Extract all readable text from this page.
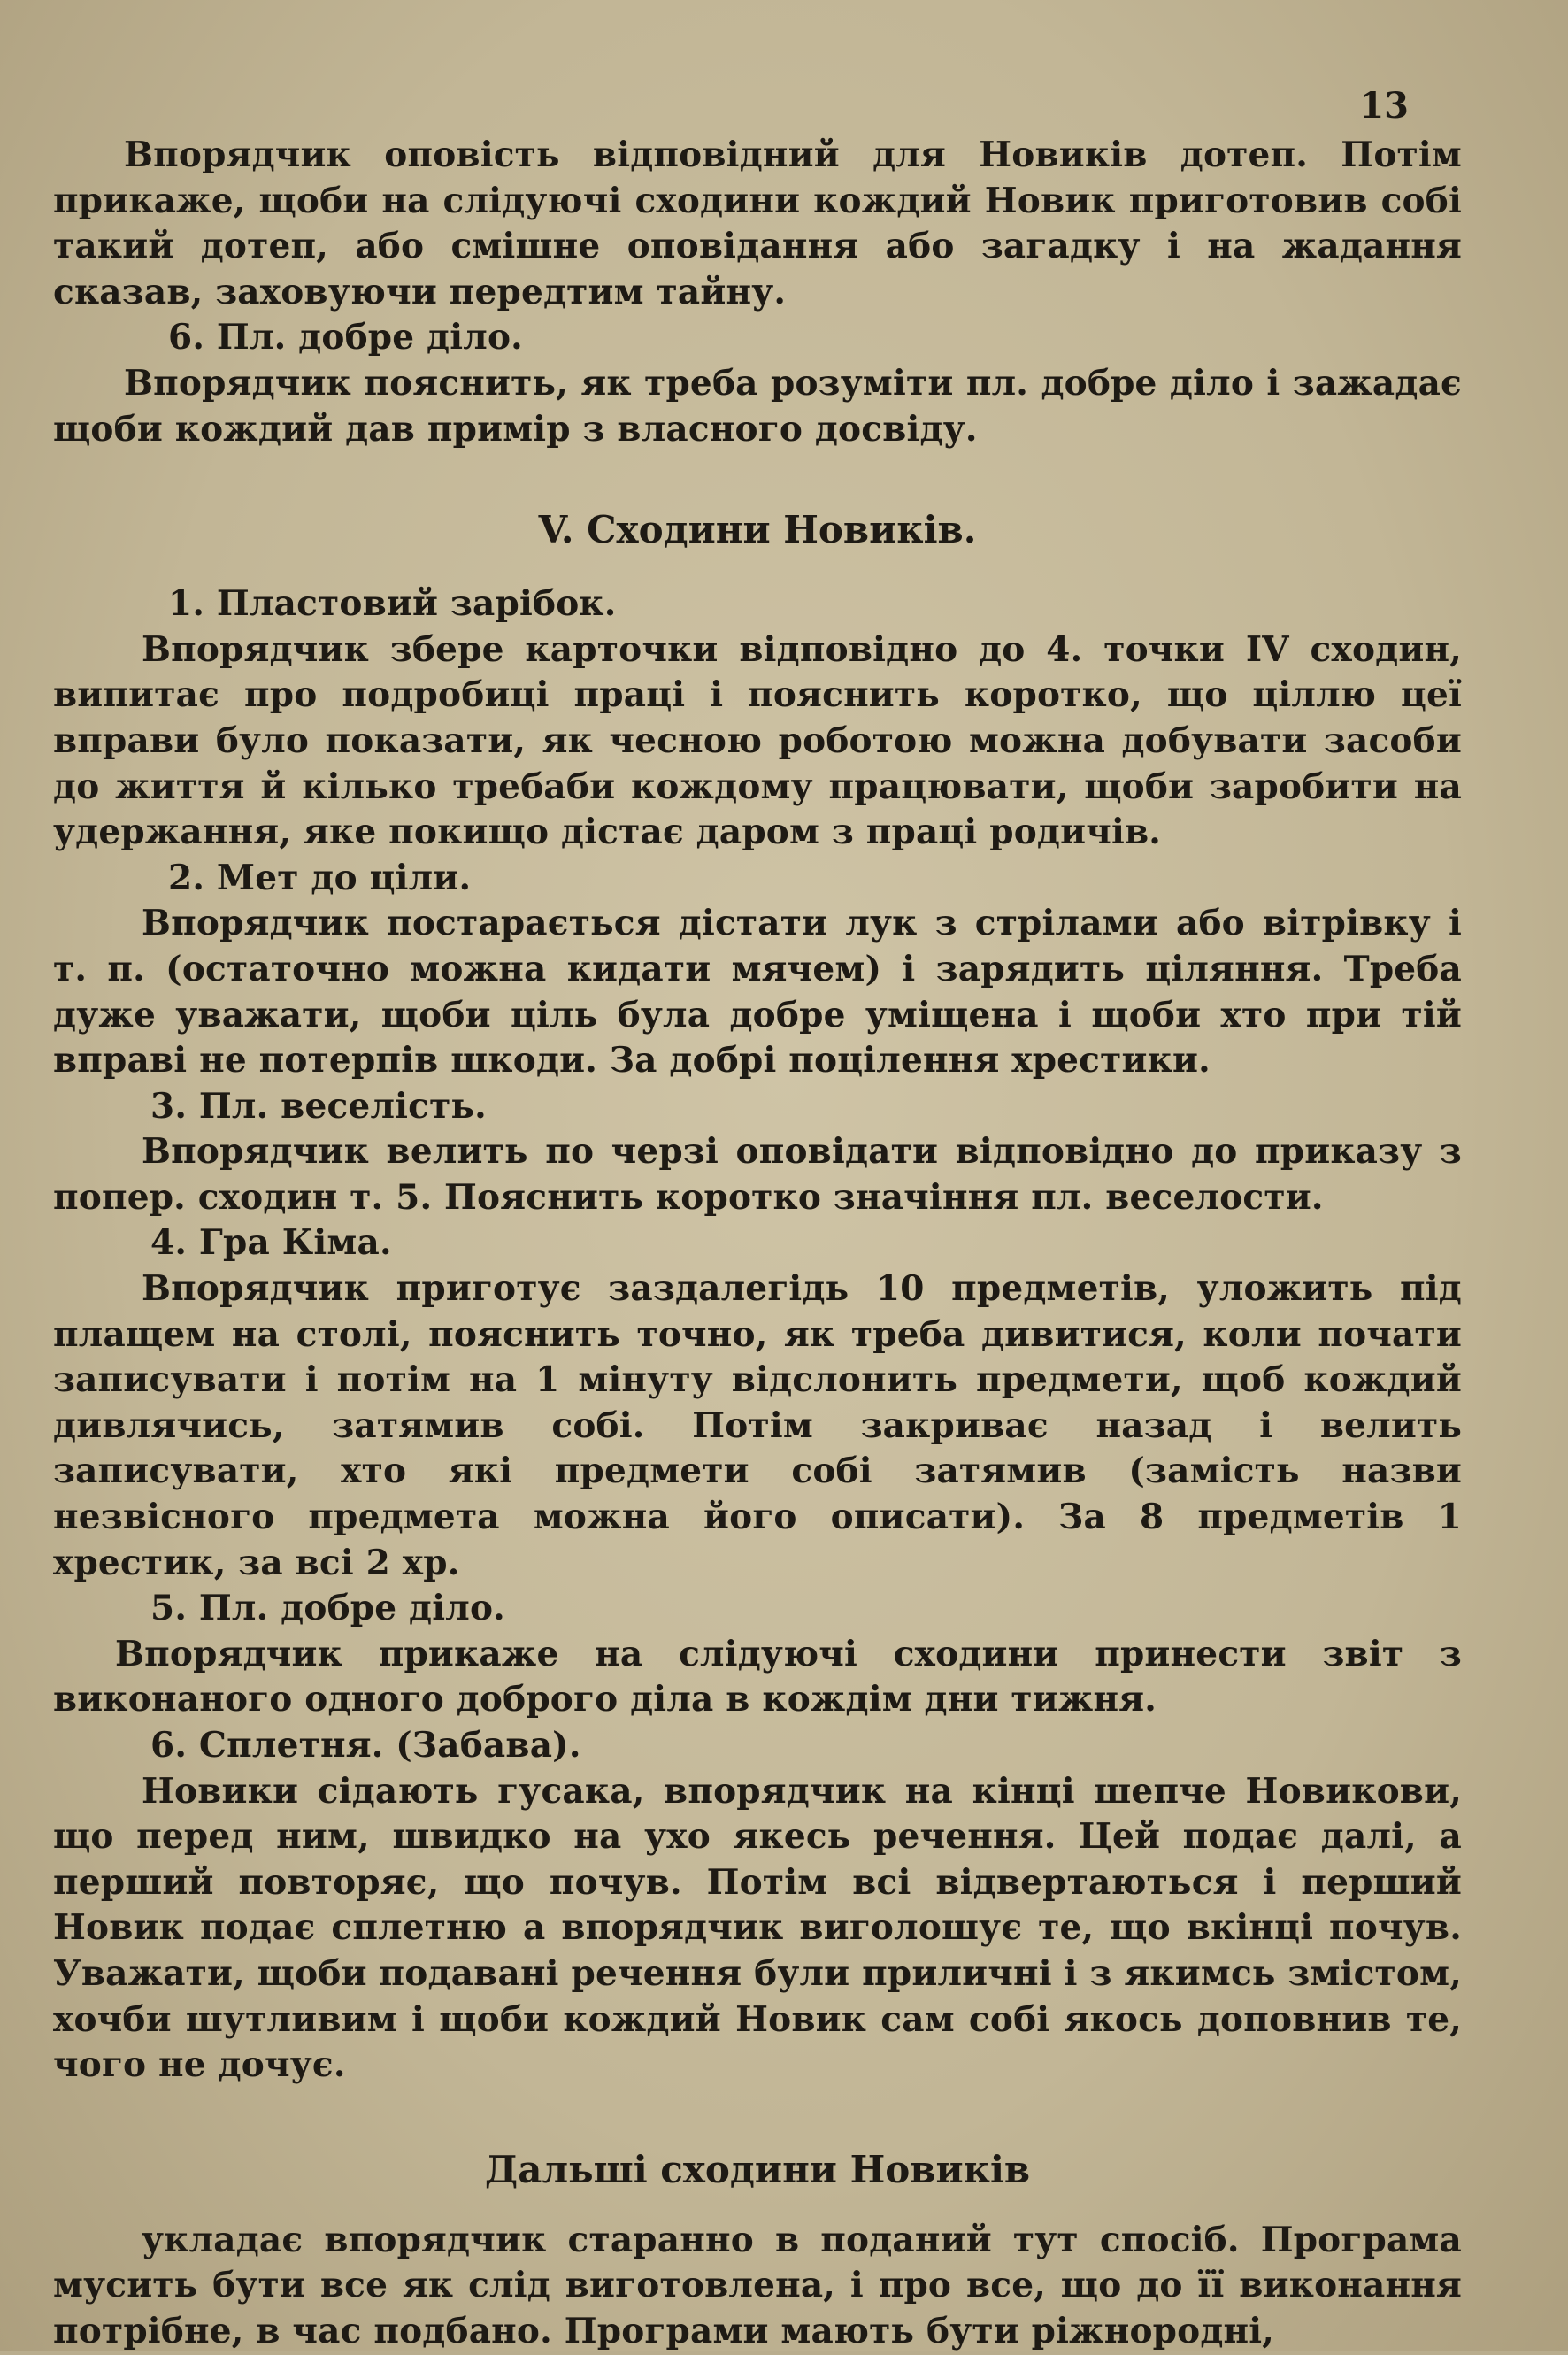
13

Впорядчик оповість відповідний для Новиків дотеп. Потім прикаже, щоби на слідуючі сходини кождий Новик приготовив собі такий дотеп, або смішне оповідання або загадку і на жадання сказав, заховуючи передтим тайну.

6. Пл. добре діло.

Впорядчик пояснить, як треба розуміти пл. добре діло і зажадає щоби кождий дав примір з власного досвіду.

V. Сходини Новиків.

1. Пластовий зарібок.

Впорядчик збере карточки відповідно до 4. точки IV сходин, випитає про подробиці праці і пояснить коротко, що ціллю цеї вправи було показати, як чесною роботою можна добувати засоби до життя й кілько требаби кождому працювати, щоби заробити на удержання, яке покищо дістає даром з праці родичів.

2. Мет до ціли.

Впорядчик постарається дістати лук з стрілами або вітрівку і т. п. (остаточно можна кидати мячем) і зарядить ціляння. Треба дуже уважати, щоби ціль була добре уміщена і щоби хто при тій вправі не потерпів шкоди. За добрі поцілення хрестики.

3. Пл. веселість.

Впорядчик велить по черзі оповідати відповідно до приказу з попер. сходин т. 5. Пояснить коротко значіння пл. веселости.

4. Гра Кіма.

Впорядчик приготує заздалегідь 10 предметів, уложить під плащем на столі, пояснить точно, як треба дивитися, коли почати записувати і потім на 1 мінуту відслонить предмети, щоб кождий дивлячись, затямив собі. Потім закриває назад і велить записувати, хто які предмети собі затямив (замість назви незвісного предмета можна його описати). За 8 предметів 1 хрестик, за всі 2 хр.

5. Пл. добре діло.

Впорядчик прикаже на слідуючі сходини принести звіт з виконаного одного доброго діла в кождім дни тижня.

6. Сплетня. (Забава).

Новики сідають гусака, впорядчик на кінці шепче Новикови, що перед ним, швидко на ухо якесь речення. Цей подає далі, а перший повторяє, що почув. Потім всі відвертаються і перший Новик подає сплетню а впорядчик виголошує те, що вкінці почув. Уважати, щоби подавані речення були приличні і з якимсь змістом, хочби шутливим і щоби кождий Новик сам собі якось доповнив те, чого не дочує.

Дальші сходини Новиків

укладає впорядчик старанно в поданий тут спосіб. Програма мусить бути все як слід виготовлена, і про все, що до її виконання потрібне, в час подбано. Програми мають бути ріжнородні,
